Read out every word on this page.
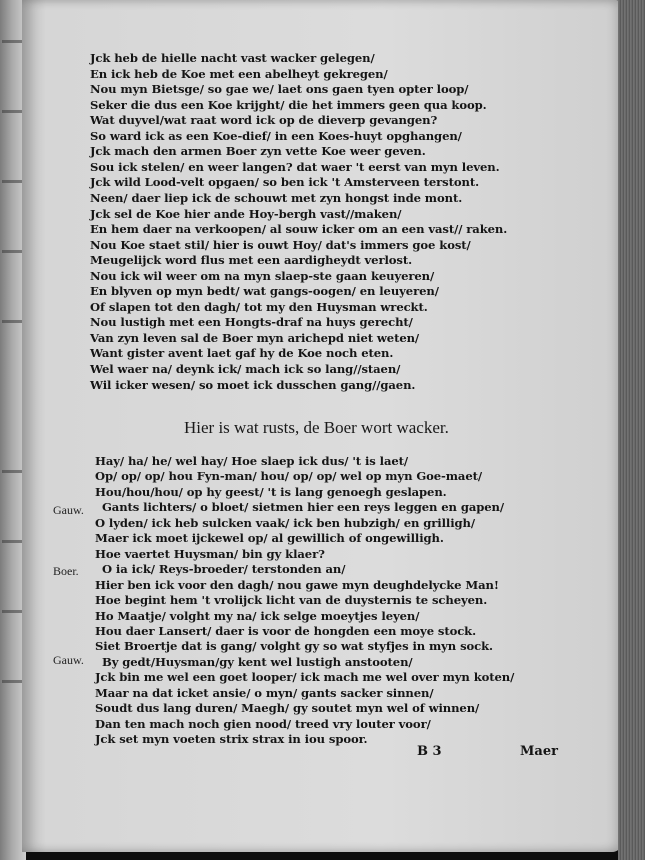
Jck heb de hielle nacht vast wacker gelegen/
En ick heb de Koe met een abelheyt gekregen/
Nou myn Bietsge/ so gae we/ laet ons gaen tyen opter loop/
Seker die dus een Koe krijght/ die het immers geen qua koop.
Wat duyvel/wat raat word ick op de dieverp gevangen?
So ward ick as een Koe-dief/ in een Koes-huyt opghangen/
Jck mach den armen Boer zyn vette Koe weer geven.
Sou ick stelen/ en weer langen? dat waer 't eerst van myn leven.
Jck wild Lood-velt opgaen/ so ben ick 't Amsterveen terstont.
Neen/ daer liep ick de schouwt met zyn hongst inde mont.
Jck sel de Koe hier ande Hoy-bergh vast//maken/
En hem daer na verkoopen/ al souw icker om an een vast// raken.
Nou Koe staet stil/ hier is ouwt Hoy/ dat's immers goe kost/
Meugelijck word flus met een aardigheydt verlost.
Nou ick wil weer om na myn slaep-ste gaan keuyeren/
En blyven op myn bedt/ wat gangs-oogen/ en leuyeren/
Of slapen tot den dagh/ tot my den Huysman wreckt.
Nou lustigh met een Hongts-draf na huys gerecht/
Van zyn leven sal de Boer myn arichepd niet weten/
Want gister avent laet gaf hy de Koe noch eten.
Wel waer na/ deynk ick/ mach ick so lang//staen/
Wil icker wesen/ so moet ick dusschen gang//gaen.
Hay/ ha/ he/ wel hay/ Hoe slaep ick dus/ 't is laet/
Op/ op/ op/ hou Fyn-man/ hou/ op/ op/ wel op myn Goe-maet/
Hou/hou/hou/ op hy geest/ 't is lang genoegh geslapen.
Gants lichters/ o bloet/ sietmen hier een reys leggen en gapen/
O lyden/ ick heb sulcken vaak/ ick ben hubzigh/ en grilligh/
Maer ick moet ijckewel op/ al gewillich of ongewilligh.
Hoe vaertet Huysman/ bin gy klaer?
O ia ick/ Reys-broeder/ terstonden an/
Hier ben ick voor den dagh/ nou gawe myn deughdelycke Man!
Hoe begint hem 't vrolijck licht van de duysternis te scheyen.
Ho Maatje/ volght my na/ ick selge moeytjes leyen/
Hou daer Lansert/ daer is voor de hongden een moye stock.
Siet Broertje dat is gang/ volght gy so wat styfjes in myn sock.
By gedt/Huysman/gy kent wel lustigh anstooten/
Jck bin me wel een goet looper/ ick mach me wel over myn koten/
Maar na dat icket ansie/ o myn/ gants sacker sinnen/
Soudt dus lang duren/ Maegh/ gy soutet myn wel of winnen/
Dan ten mach noch gien nood/ treed vry louter voor/
Jck set myn voeten strix strax in iou spoor.
Hier is wat rusts, de Boer wort wacker.
Gauw.
Boer.
Gauw.
B 3	Maer
